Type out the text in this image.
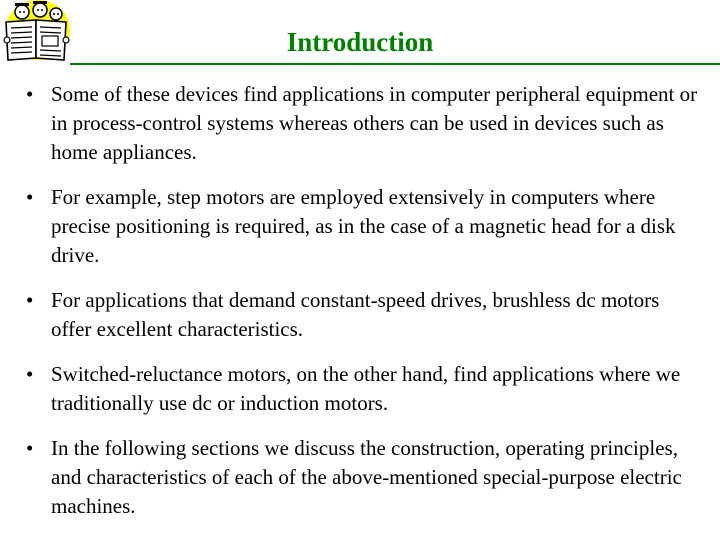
Introduction
• Some of these devices find applications in computer peripheral equipment or in process-control systems whereas others can be used in devices such as home appliances.
• For example, step motors are employed extensively in computers where precise positioning is required, as in the case of a magnetic head for a disk drive.
• For applications that demand constant-speed drives, brushless dc motors offer excellent characteristics.
• Switched-reluctance motors, on the other hand, find applications where we traditionally use dc or induction motors.
• In the following sections we discuss the construction, operating principles, and characteristics of each of the above-mentioned special-purpose electric machines.
